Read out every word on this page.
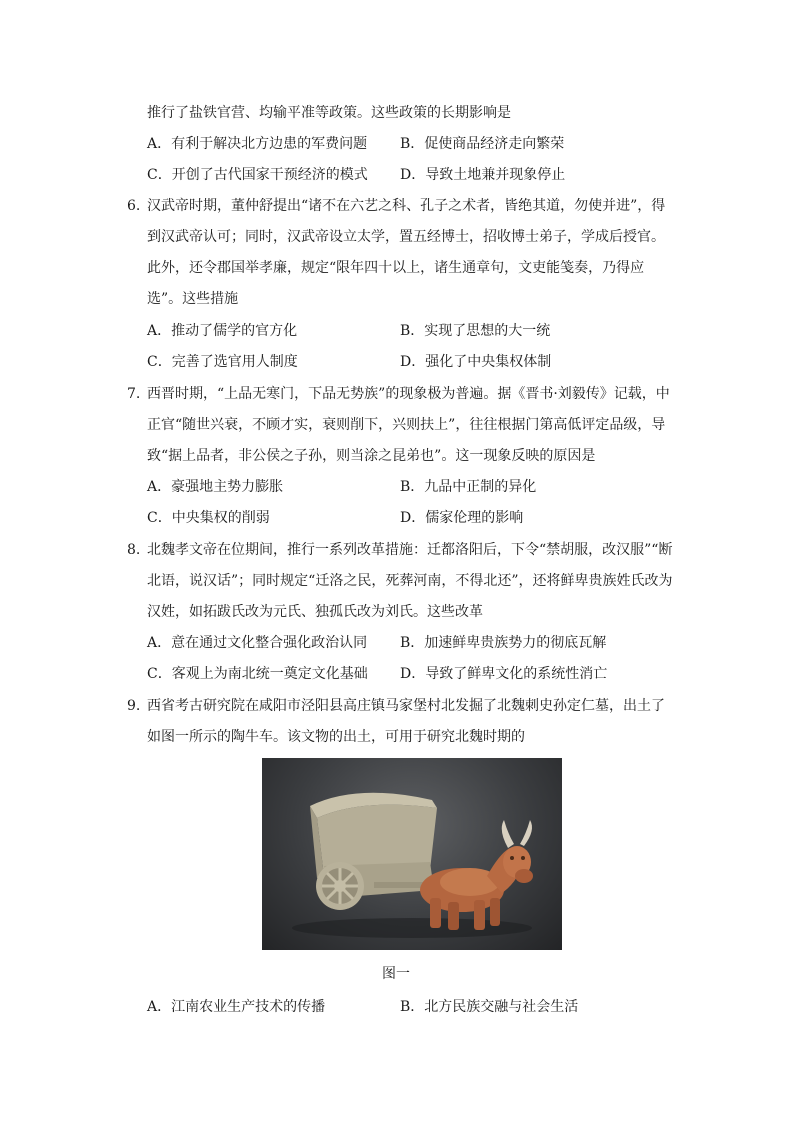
推行了盐铁官营、均输平准等政策。这些政策的长期影响是
A．有利于解决北方边患的军费问题 B．促使商品经济走向繁荣
C．开创了古代国家干预经济的模式 D．导致土地兼并现象停止
6. 汉武帝时期，董仲舒提出“诸不在六艺之科、孔子之术者，皆绝其道，勿使并进”，得到汉武帝认可；同时，汉武帝设立太学，置五经博士，招收博士弟子，学成后授官。此外，还令郡国举孝廉，规定“限年四十以上，诸生通章句，文吏能笺奏，乃得应选”。这些措施
A．推动了儒学的官方化	B．实现了思想的大一统
C．完善了选官用人制度	D．强化了中央集权体制
7. 西晋时期，“上品无寒门，下品无势族”的现象极为普遍。据《晋书·刘毅传》记载，中正官“随世兴衰，不顾才实，衰则削下，兴则扶上”，往往根据门第高低评定品级，导致“据上品者，非公侯之子孙，则当涂之昆弟也”。这一现象反映的原因是
A．豪强地主势力膨胀	B．九品中正制的异化
C．中央集权的削弱	D．儒家伦理的影响
8. 北魏孝文帝在位期间，推行一系列改革措施：迁都洛阳后，下令“禁胡服，改汉服”“断北语，说汉话”；同时规定“迁洛之民，死葬河南，不得北还”，还将鲜卑贵族姓氏改为汉姓，如拓跋氏改为元氏、独孤氏改为刘氏。这些改革
A．意在通过文化整合强化政治认同 B．加速鲜卑贵族势力的彻底瓦解
C．客观上为南北统一奠定文化基础 D．导致了鲜卑文化的系统性消亡
9. 西省考古研究院在咸阳市泾阳县高庄镇马家堡村北发掘了北魏刺史孙定仁墓，出土了如图一所示的陶牛车。该文物的出土，可用于研究北魏时期的
图一
A．江南农业生产技术的传播	B．北方民族交融与社会生活
